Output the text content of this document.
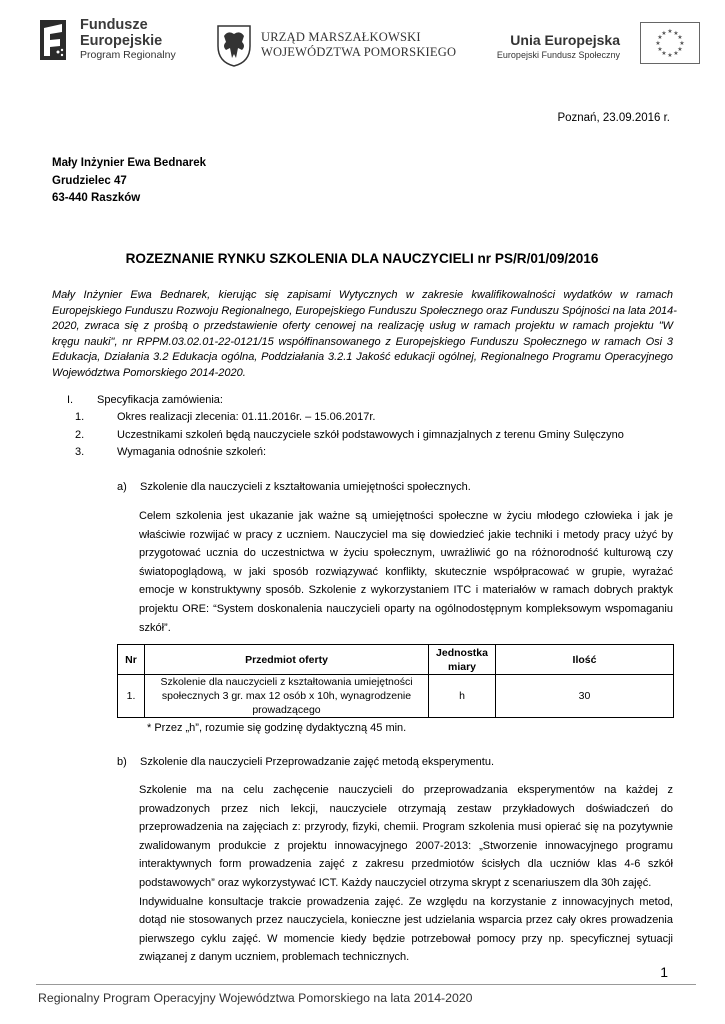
Fundusze
Europejskie
Program Regionalny
URZĄD MARSZAŁKOWSKI
WOJEWÓDZTWA POMORSKIEGO
Unia Europejska
Europejski Fundusz Społeczny
★ ★
★
★
★
★
★
★
★
★
★
★
Poznań, 23.09.2016 r.
Mały Inżynier Ewa Bednarek
Grudzielec 47
63-440 Raszków
ROZEZNANIE RYNKU SZKOLENIA DLA NAUCZYCIELI nr PS/R/01/09/2016
Mały Inżynier Ewa Bednarek, kierując się zapisami Wytycznych w zakresie kwalifikowalności wydatków w ramach
Europejskiego Funduszu Rozwoju Regionalnego, Europejskiego Funduszu Społecznego oraz Funduszu Spójności na lata 2014-
2020, zwraca się z prośbą o przedstawienie oferty cenowej na realizację usług w ramach projektu w ramach projektu "W
kręgu nauki", nr RPPM.03.02.01-22-0121/15 współfinansowanego z Europejskiego Funduszu Społecznego w ramach Osi 3
Edukacja, Działania 3.2 Edukacja ogólna, Poddziałania 3.2.1 Jakość edukacji ogólnej, Regionalnego Programu Operacyjnego
Województwa Pomorskiego 2014-2020.
I. Specyfikacja zamówienia:
1.	Okres realizacji zlecenia: 01.11.2016r. – 15.06.2017r.
2.	Uczestnikami szkoleń będą nauczyciele szkół podstawowych i gimnazjalnych z terenu Gminy Sulęczyno
3.	Wymagania odnośnie szkoleń:
a) Szkolenie dla nauczycieli z kształtowania umiejętności społecznych.
Celem szkolenia jest ukazanie jak ważne są umiejętności społeczne w życiu młodego człowieka i jak je
właściwie rozwijać w pracy z uczniem. Nauczyciel ma się dowiedzieć jakie techniki i metody pracy użyć by
przygotować ucznia do uczestnictwa w życiu społecznym, uwrażliwić go na różnorodność kulturową czy
światopoglądową, w jaki sposób rozwiązywać konflikty, skutecznie współpracować w grupie, wyrażać
emocje w konstruktywny sposób. Szkolenie z wykorzystaniem ITC i materiałów w ramach dobrych praktyk
projektu ORE: “System doskonalenia nauczycieli oparty na ogólnodostępnym kompleksowym wspomaganiu
szkół”.
Nr	Przedmiot oferty	Jednostka
miary	Ilość
1.	Szkolenie dla nauczycieli z kształtowania umiejętności
społecznych 3 gr. max 12 osób x 10h, wynagrodzenie
prowadzącego	h	30
* Przez „h”, rozumie się godzinę dydaktyczną 45 min.
b) Szkolenie dla nauczycieli Przeprowadzanie zajęć metodą eksperymentu.
Szkolenie ma na celu zachęcenie nauczycieli do przeprowadzania eksperymentów na każdej z
prowadzonych przez nich lekcji, nauczyciele otrzymają zestaw przykładowych doświadczeń do
przeprowadzenia na zajęciach z: przyrody, fizyki, chemii. Program szkolenia musi opierać się na pozytywnie
zwalidowanym produkcie z projektu innowacyjnego 2007-2013: „Stworzenie innowacyjnego programu
interaktywnych form prowadzenia zajęć z zakresu przedmiotów ścisłych dla uczniów klas 4-6 szkół
podstawowych” oraz wykorzystywać ICT. Każdy nauczyciel otrzyma skrypt z scenariuszem dla 30h zajęć.
Indywidualne konsultacje trakcie prowadzenia zajęć. Ze względu na korzystanie z innowacyjnych metod,
dotąd nie stosowanych przez nauczyciela, konieczne jest udzielania wsparcia przez cały okres prowadzenia
pierwszego cyklu zajęć. W momencie kiedy będzie potrzebował pomocy przy np. specyficznej sytuacji
związanej z danym uczniem, problemach technicznych.
1
Regionalny Program Operacyjny Województwa Pomorskiego na lata 2014-2020
